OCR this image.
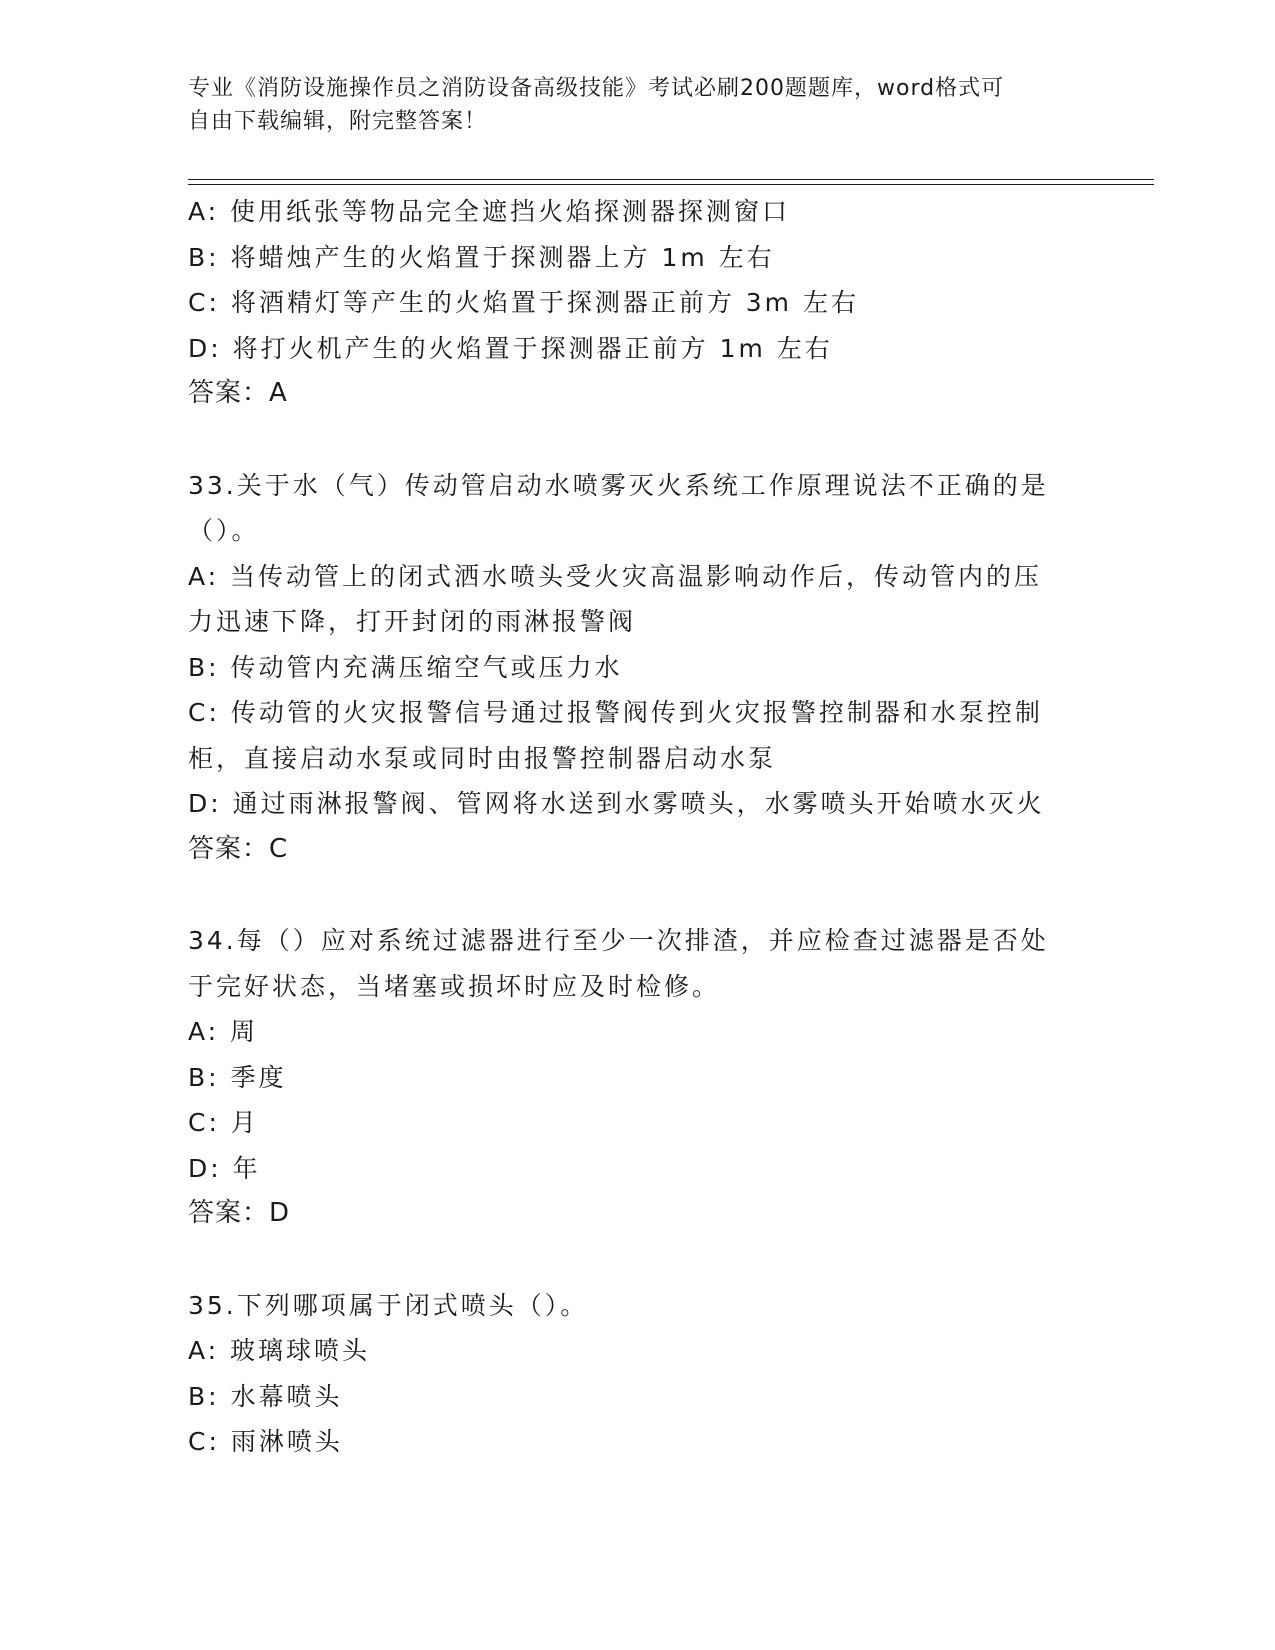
专业《消防设施操作员之消防设备高级技能》考试必刷200题题库，word格式可
自由下载编辑，附完整答案！
A: 使用纸张等物品完全遮挡火焰探测器探测窗口
B: 将蜡烛产生的火焰置于探测器上方 1m 左右
C: 将酒精灯等产生的火焰置于探测器正前方 3m 左右
D: 将打火机产生的火焰置于探测器正前方 1m 左右
答案：A
33.关于水（气）传动管启动水喷雾灭火系统工作原理说法不正确的是
（）。
A: 当传动管上的闭式洒水喷头受火灾高温影响动作后，传动管内的压
力迅速下降，打开封闭的雨淋报警阀
B: 传动管内充满压缩空气或压力水
C: 传动管的火灾报警信号通过报警阀传到火灾报警控制器和水泵控制
柜，直接启动水泵或同时由报警控制器启动水泵
D: 通过雨淋报警阀、管网将水送到水雾喷头，水雾喷头开始喷水灭火
答案：C
34.每（）应对系统过滤器进行至少一次排渣，并应检查过滤器是否处
于完好状态，当堵塞或损坏时应及时检修。
A: 周
B: 季度
C: 月
D: 年
答案：D
35.下列哪项属于闭式喷头（）。
A: 玻璃球喷头
B: 水幕喷头
C: 雨淋喷头
